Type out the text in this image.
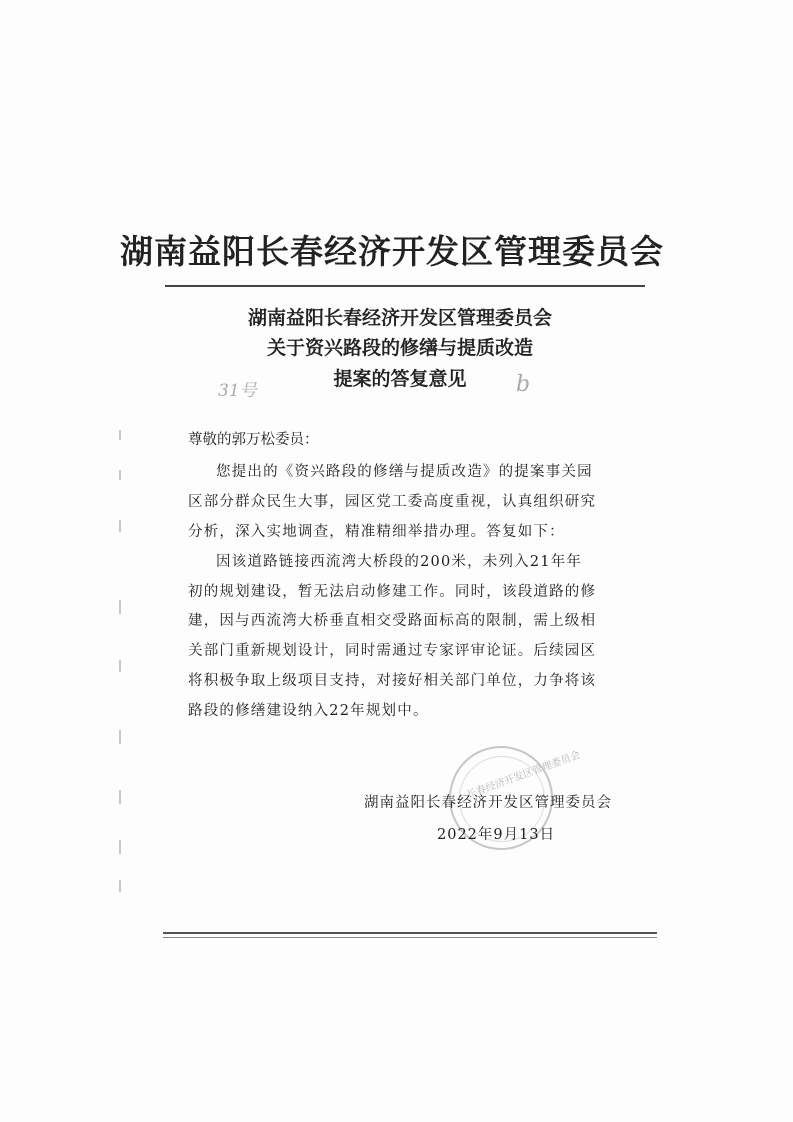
湖南益阳长春经济开发区管理委员会
湖南益阳长春经济开发区管理委员会
关于资兴路段的修缮与提质改造
提案的答复意见
31号	b
尊敬的郭万松委员：
您提出的《资兴路段的修缮与提质改造》的提案事关园
区部分群众民生大事，园区党工委高度重视，认真组织研究
分析，深入实地调查，精准精细举措办理。答复如下：
因该道路链接西流湾大桥段的200米，未列入21年年
初的规划建设，暂无法启动修建工作。同时，该段道路的修
建，因与西流湾大桥垂直相交受路面标高的限制，需上级相
关部门重新规划设计，同时需通过专家评审论证。后续园区
将积极争取上级项目支持，对接好相关部门单位，力争将该
路段的修缮建设纳入22年规划中。
长春经济开发区管理委员会
湖南益阳长春经济开发区管理委员会
2022年9月13日
